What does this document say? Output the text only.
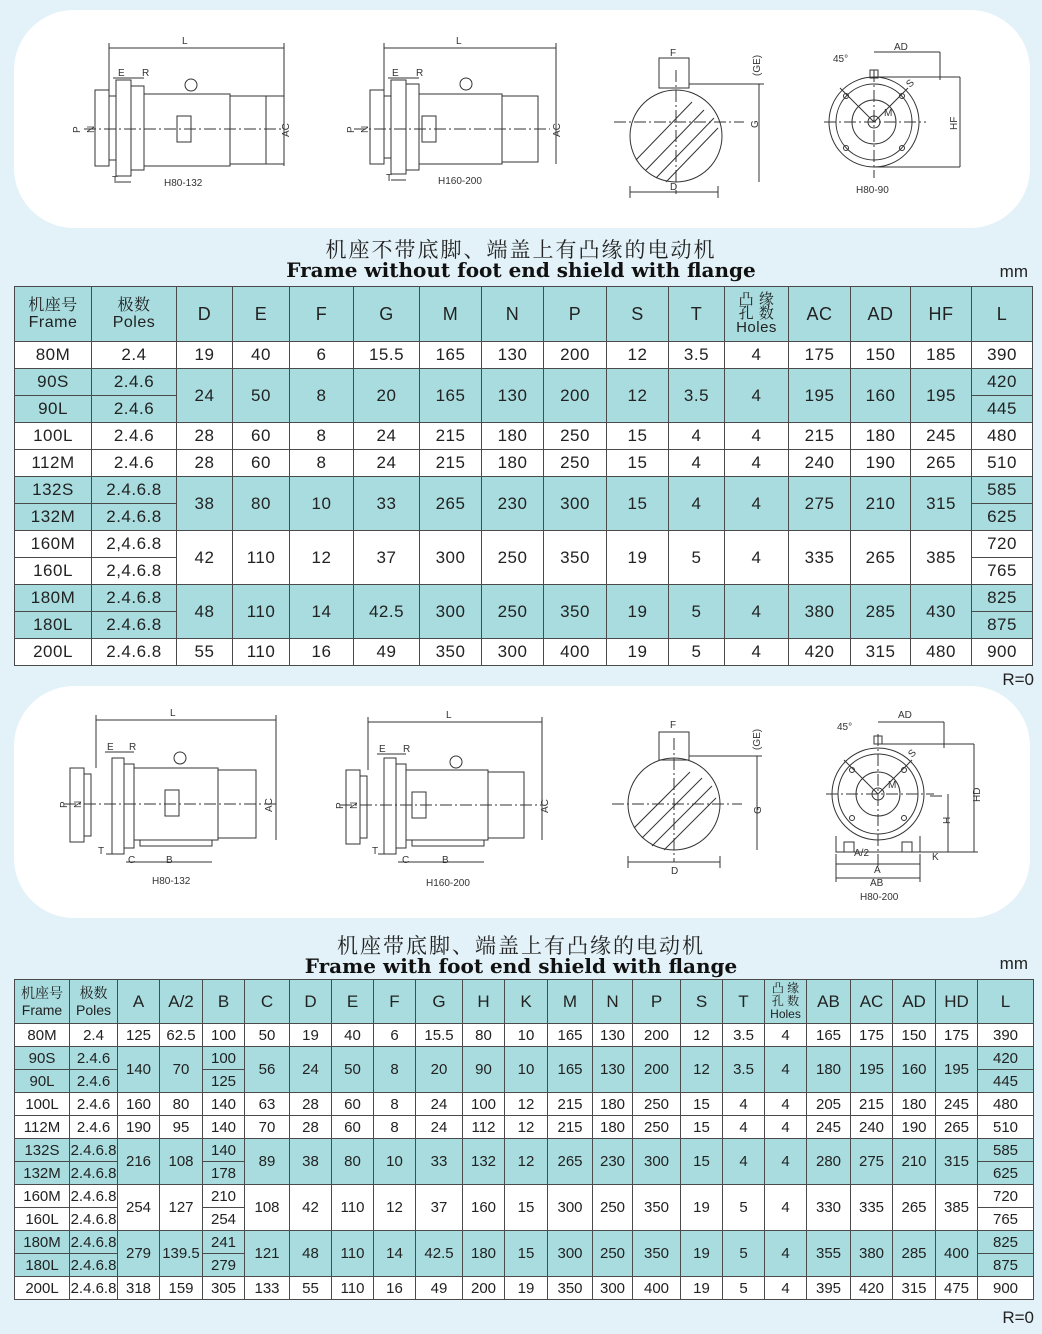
L
E R
P N
T
AC
H80-132
L
E R
P N
T
AC
H160-200
F
(GE)
G
D
45°
AD
M
S
HF
H80-90
机座不带底脚、端盖上有凸缘的电动机
Frame without foot end shield with flange	mm
机座号
Frame	极数
Poles	D	E	F	G	M	N	P	S	T	凸 缘
孔 数
Holes	AC	AD	HF	L
80M	2.4	19	40	6	15.5	165	130	200	12	3.5	4	175	150	185	390
90S	2.4.6	24	50	8	20	165	130	200	12	3.5	4	195	160	195	420
90L	2.4.6														445
100L	2.4.6	28	60	8	24	215	180	250	15	4	4	215	180	245	480
112M	2.4.6	28	60	8	24	215	180	250	15	4	4	240	190	265	510
132S	2.4.6.8	38	80	10	33	265	230	300	15	4	4	275	210	315	585
132M	2.4.6.8														625
160M	2,4.6.8	42	110	12	37	300	250	350	19	5	4	335	265	385	720
160L	2,4.6.8														765
180M	2.4.6.8	48	110	14	42.5	300	250	350	19	5	4	380	285	430	825
180L	2.4.6.8														875
200L	2.4.6.8	55	110	16	49	350	300	400	19	5	4	420	315	480	900
R=0
L
E R
P N
T
C	B
AC
H80-132
L
E R
P N
T
C	B
AC
H160-200
F
(GE)
G
D
45°
AD
M
S
HD
H
K
A/2
A
AB
H80-200
机座带底脚、端盖上有凸缘的电动机
Frame with foot end shield with flange	mm
机座号
Frame	极数
Poles	A	A/2	B	C	D	E	F	G	H	K	M	N	P	S	T	凸 缘
孔 数
Holes	AB	AC	AD	HD	L
80M	2.4	125	62.5	100	50	19	40	6	15.5	80	10	165	130	200	12	3.5	4	165	175	150	175	390
90S	2.4.6	140	70	100	56	24	50	8	20	90	10	165	130	200	12	3.5	4	180	195	160	195	420
90L	2.4.6			125																		445
100L	2.4.6	160	80	140	63	28	60	8	24	100	12	215	180	250	15	4	4	205	215	180	245	480
112M	2.4.6	190	95	140	70	28	60	8	24	112	12	215	180	250	15	4	4	245	240	190	265	510
132S	2.4.6.8	216	108	140	89	38	80	10	33	132	12	265	230	300	15	4	4	280	275	210	315	585
132M	2.4.6.8			178																		625
160M	2.4.6.8	254	127	210	108	42	110	12	37	160	15	300	250	350	19	5	4	330	335	265	385	720
160L	2.4.6.8			254																		765
180M	2.4.6.8	279	139.5	241	121	48	110	14	42.5	180	15	300	250	350	19	5	4	355	380	285	400	825
180L	2.4.6.8			279																		875
200L	2.4.6.8	318	159	305	133	55	110	16	49	200	19	350	300	400	19	5	4	395	420	315	475	900
R=0
